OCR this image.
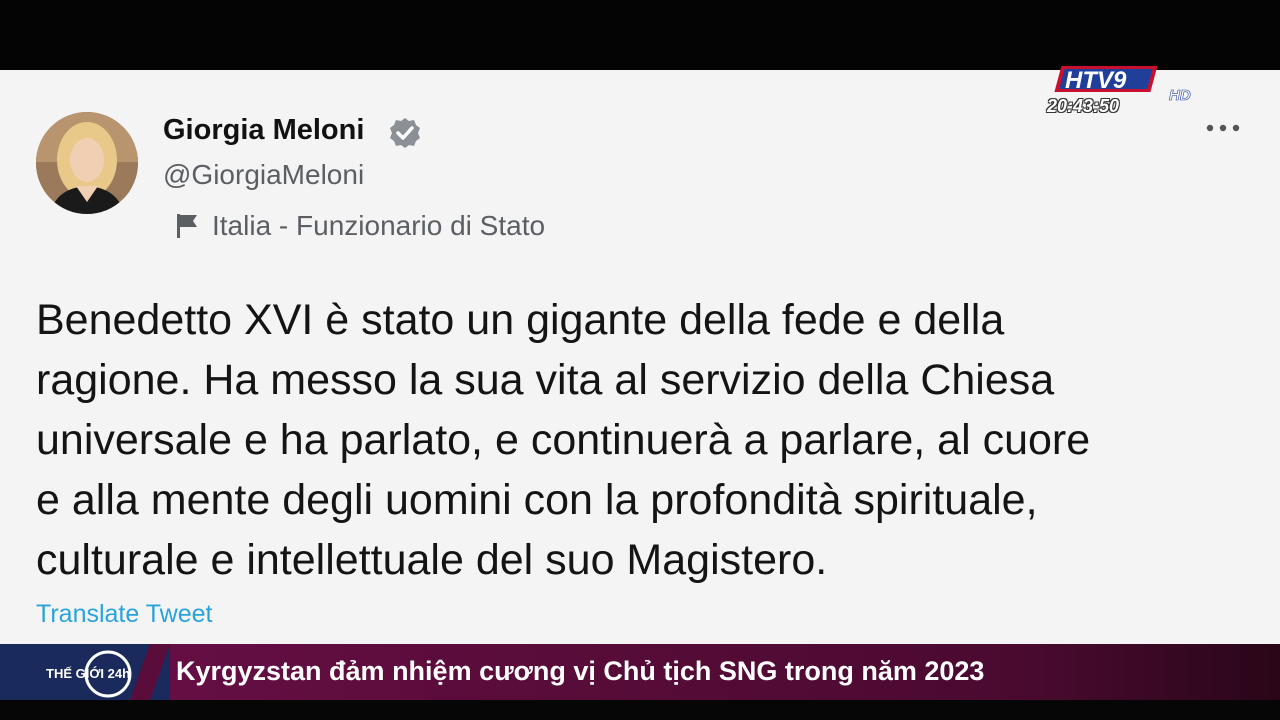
Giorgia Meloni
@GiorgiaMeloni
Italia - Funzionario di Stato
Benedetto XVI è stato un gigante della fede e della
ragione. Ha messo la sua vita al servizio della Chiesa
universale e ha parlato, e continuerà a parlare, al cuore
e alla mente degli uomini con la profondità spirituale,
culturale e intellettuale del suo Magistero.
Translate Tweet
HTV9
HD
20:43:50
THẾ GIỚI 24h Kyrgyzstan đảm nhiệm cương vị Chủ tịch SNG trong năm 2023
